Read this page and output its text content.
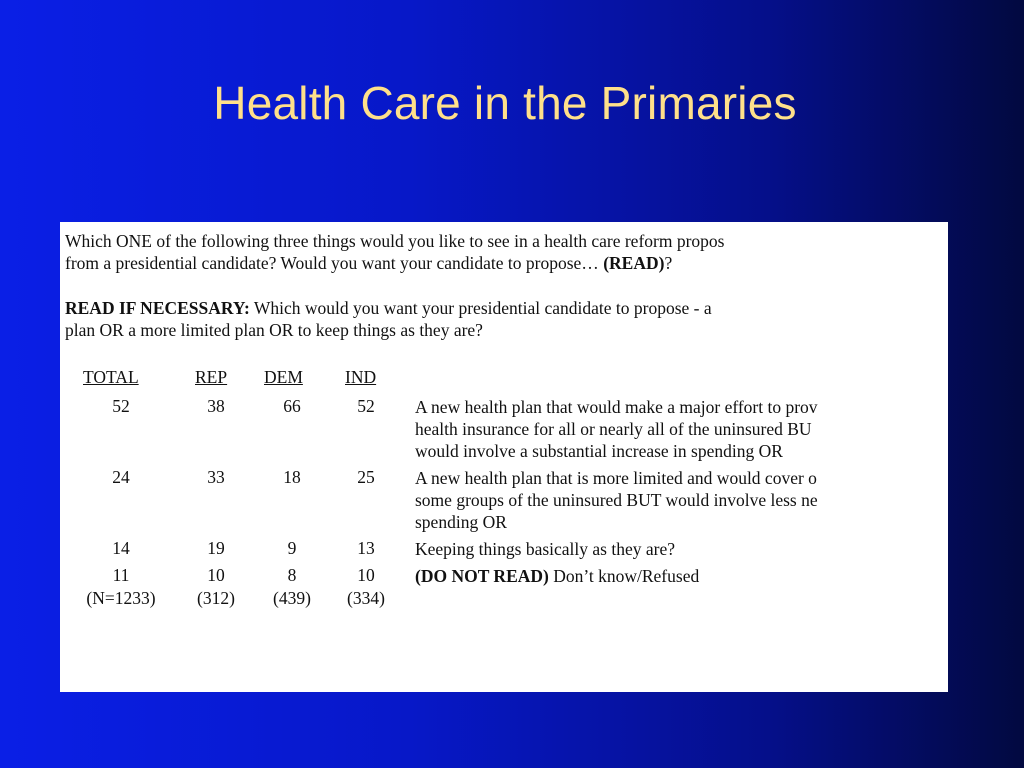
Health Care in the Primaries
Which ONE of the following three things would you like to see in a health care reform propos
from a presidential candidate? Would you want your candidate to propose… (READ)?
READ IF NECESSARY: Which would you want your presidential candidate to propose - a
plan OR a more limited plan OR to keep things as they are?
TOTAL	REP DEM IND
52	38	66	52	A new health plan that would make a major effort to prov
health insurance for all or nearly all of the uninsured BU
would involve a substantial increase in spending OR
24	33	18	25	A new health plan that is more limited and would cover o
some groups of the uninsured BUT would involve less ne
spending OR
14	19	9	13	Keeping things basically as they are?
11	10	8	10	(DO NOT READ) Don’t know/Refused
(N=1233)	(312)	(439)	(334)
